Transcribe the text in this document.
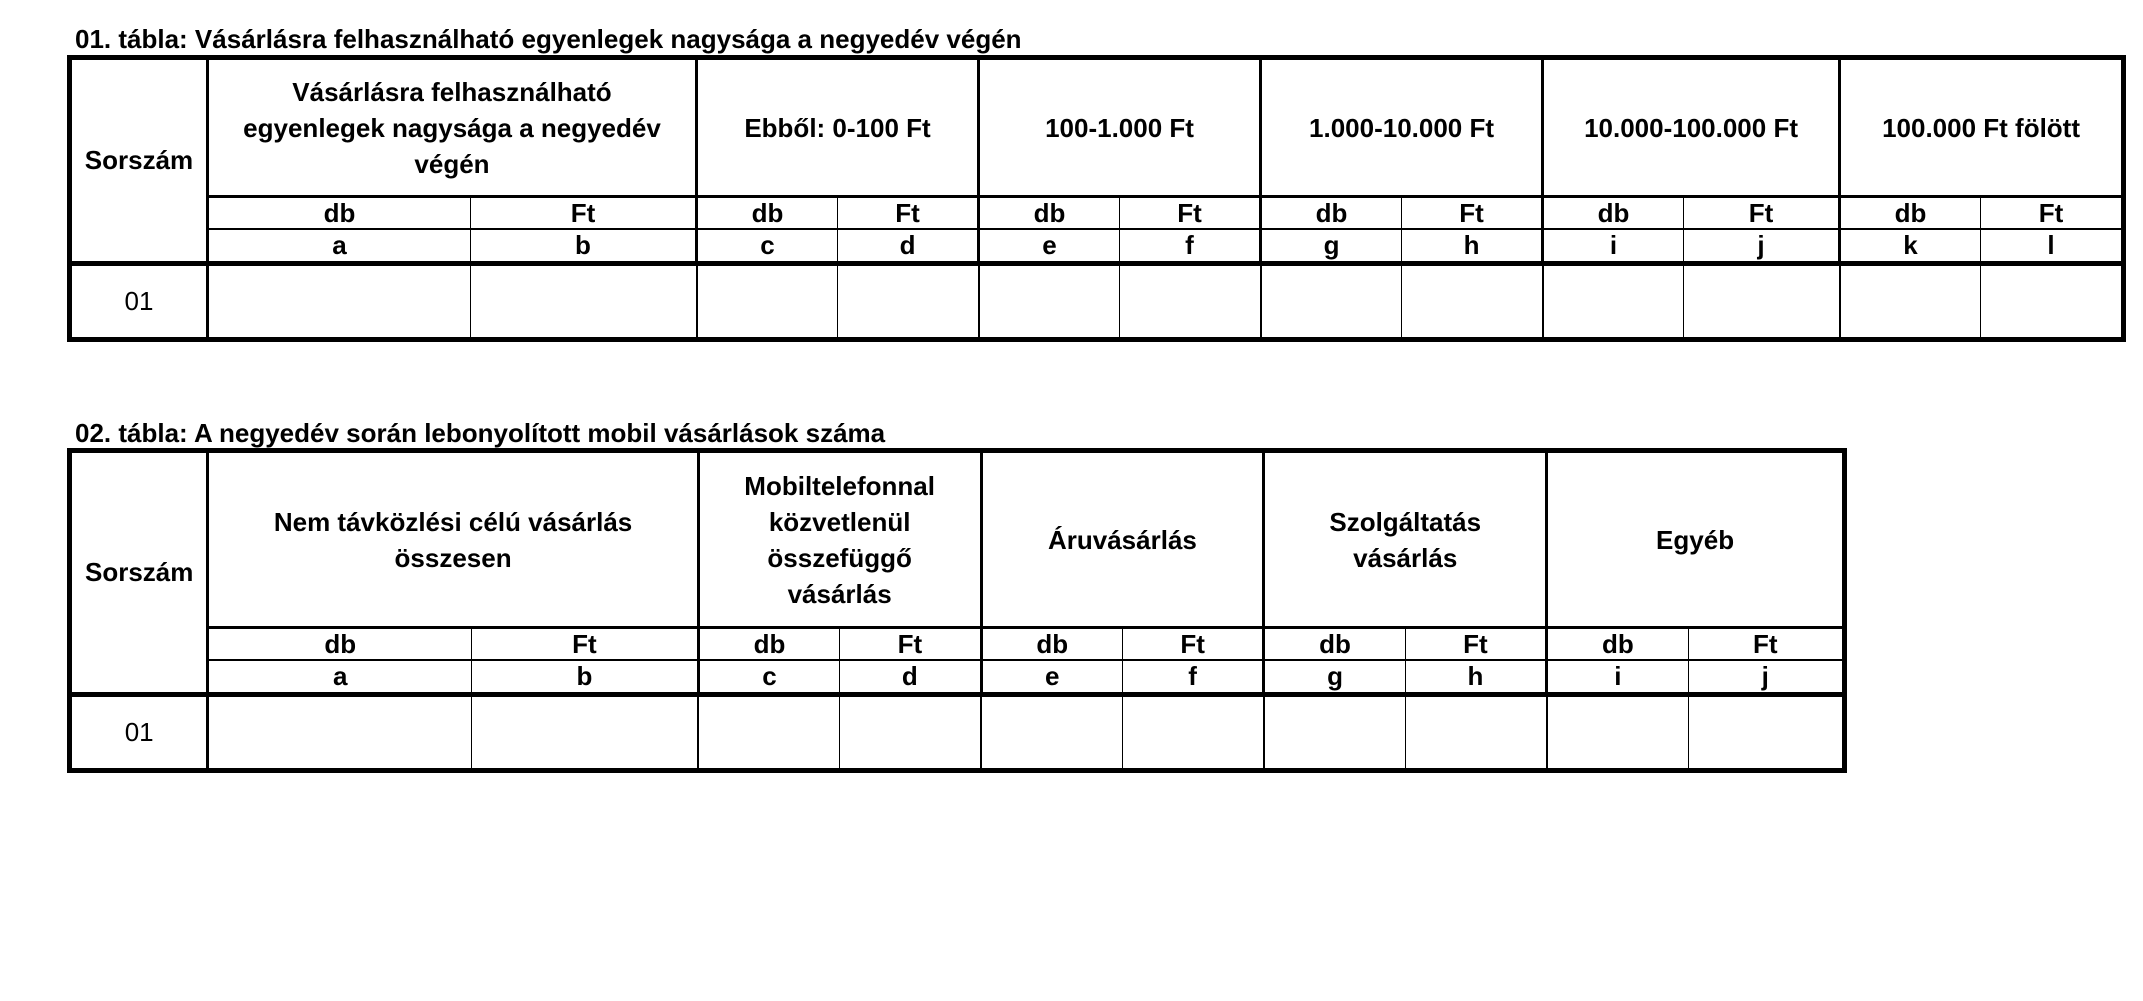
01. tábla: Vásárlásra felhasználható egyenlegek nagysága a negyedév végén
Sorszám	Vásárlásra felhasználható egyenlegek nagysága a negyedév végén		Ebből: 0-100 Ft		100-1.000 Ft		1.000-10.000 Ft		10.000-100.000 Ft		100.000 Ft fölött	
	db	Ft	db	Ft	db	Ft	db	Ft	db	Ft	db	Ft
	a	b	c	d	e	f	g	h	i	j	k	l
01												
02. tábla: A negyedév során lebonyolított mobil vásárlások száma
Sorszám	Nem távközlési célú vásárlás összesen		Mobiltelefonnal közvetlenül összefüggő vásárlás		Áruvásárlás		Szolgáltatás vásárlás		Egyéb	
	db	Ft	db	Ft	db	Ft	db	Ft	db	Ft
	a	b	c	d	e	f	g	h	i	j
01										
